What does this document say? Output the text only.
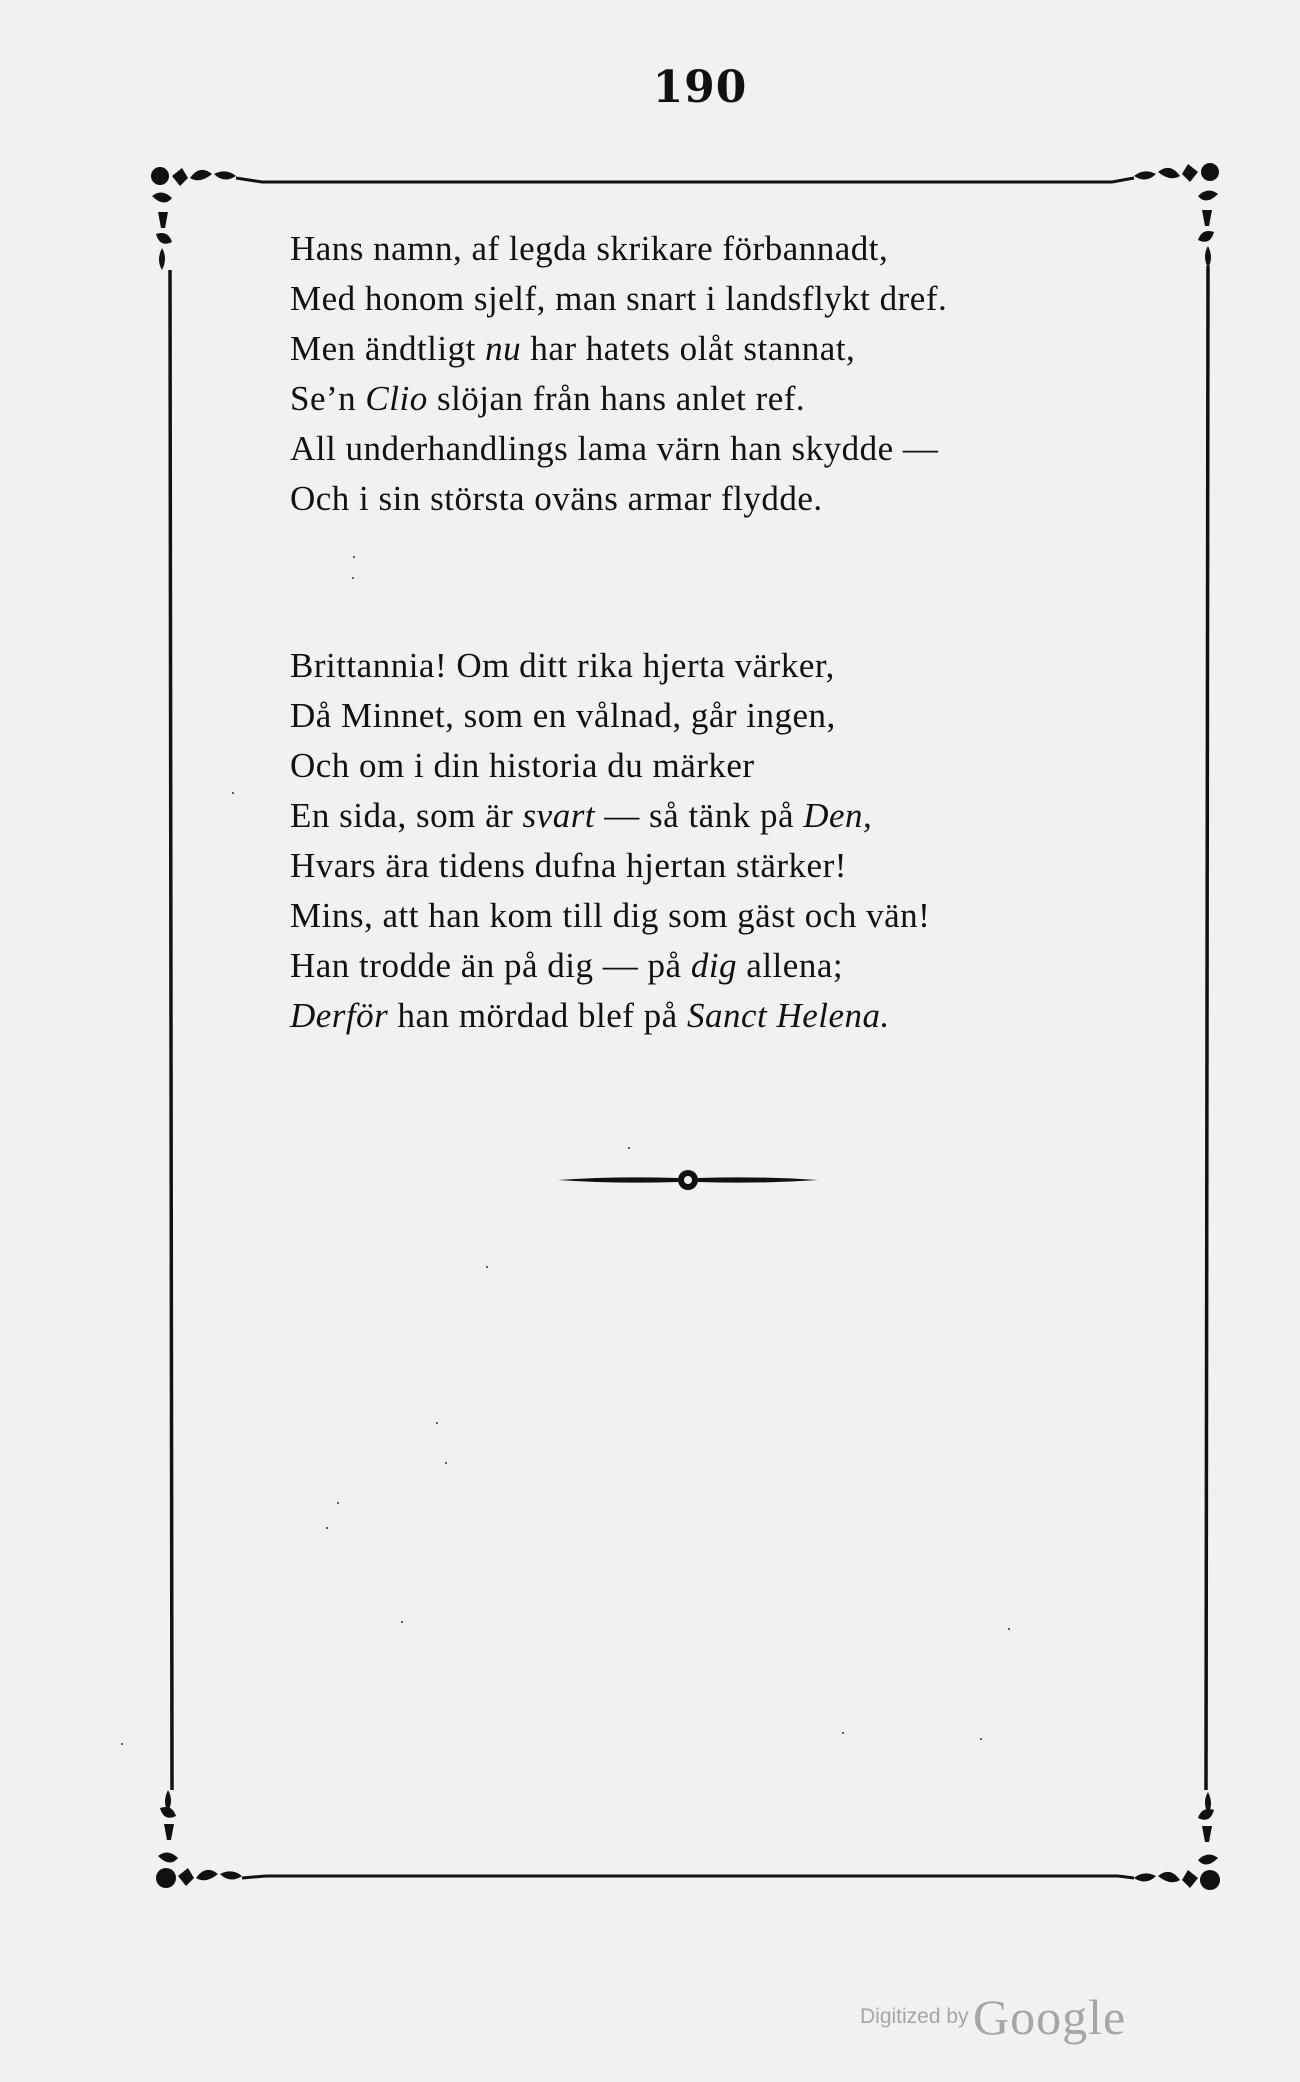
190
Hans namn, af legda skrikare förbannadt,
Med honom sjelf, man snart i landsflykt dref.
Men ändtligt nu har hatets olåt stannat,
Se’n Clio slöjan från hans anlet ref.
All underhandlings lama värn han skydde —
Och i sin största oväns armar flydde.
Brittannia! Om ditt rika hjerta värker,
Då Minnet, som en vålnad, går ingen,
Och om i din historia du märker
En sida, som är svart — så tänk på Den,
Hvars ära tidens dufna hjertan stärker!
Mins, att han kom till dig som gäst och vän!
Han trodde än på dig — på dig allena;
Derför han mördad blef på Sanct Helena.
Digitized by Google
